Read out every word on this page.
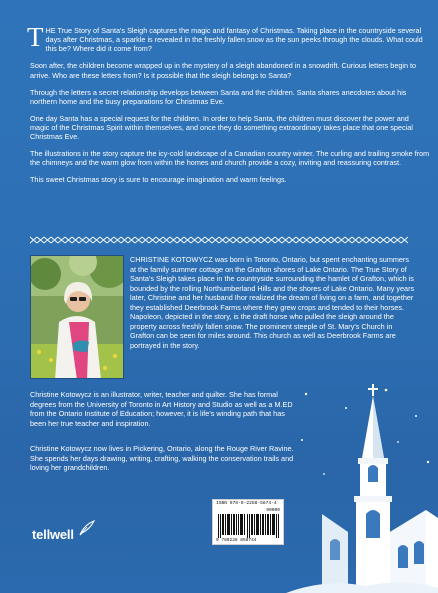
THE True Story of Santa's Sleigh captures the magic and fantasy of Christmas. Taking place in the countryside several days after Christmas, a sparkle is revealed in the freshly fallen snow as the sun peeks through the clouds. What could this be? Where did it come from?

Soon after, the children become wrapped up in the mystery of a sleigh abandoned in a snowdrift. Curious letters begin to arrive. Who are these letters from? Is it possible that the sleigh belongs to Santa?

Through the letters a secret relationship develops between Santa and the children. Santa shares anecdotes about his northern home and the busy preparations for Christmas Eve.

One day Santa has a special request for the children. In order to help Santa, the children must discover the power and magic of the Christmas Spirit within themselves, and once they do something extraordinary takes place that one special Christmas Eve.

The illustrations in the story capture the icy-cold landscape of a Canadian country winter. The curling and trailing smoke from the chimneys and the warm glow from within the homes and church provide a cozy, inviting and reassuring contrast.

This sweet Christmas story is sure to encourage imagination and warm feelings.

CHRISTINE KOTOWYCZ was born in Toronto, Ontario, but spent enchanting summers at the family summer cottage on the Grafton shores of Lake Ontario. The True Story of Santa's Sleigh takes place in the countryside surrounding the hamlet of Grafton, which is bounded by the rolling Northumberland Hills and the shores of Lake Ontario. Many years later, Christine and her husband Ihor realized the dream of living on a farm, and together they established Deerbrook Farms where they grew crops and tended to their horses. Napoleon, depicted in the story, is the draft horse who pulled the sleigh around the property across freshly fallen snow. The prominent steeple of St. Mary's Church in Grafton can be seen for miles around. This church as well as Deerbrook Farms are portrayed in the story.

Christine Kotowycz is an illustrator, writer, teacher and quilter. She has formal degrees from the University of Toronto in Art History and Studio as well as a M.ED from the Ontario Institute of Education; however, it is life's winding path that has been her true teacher and inspiration.

Christine Kotowycz now lives in Pickering, Ontario, along the Rouge River Ravine. She spends her days drawing, writing, crafting, walking the conservation trails and loving her grandchildren.

ISBN 978-0-2288-5874-4
90000
9 780228 858744
tellwell
